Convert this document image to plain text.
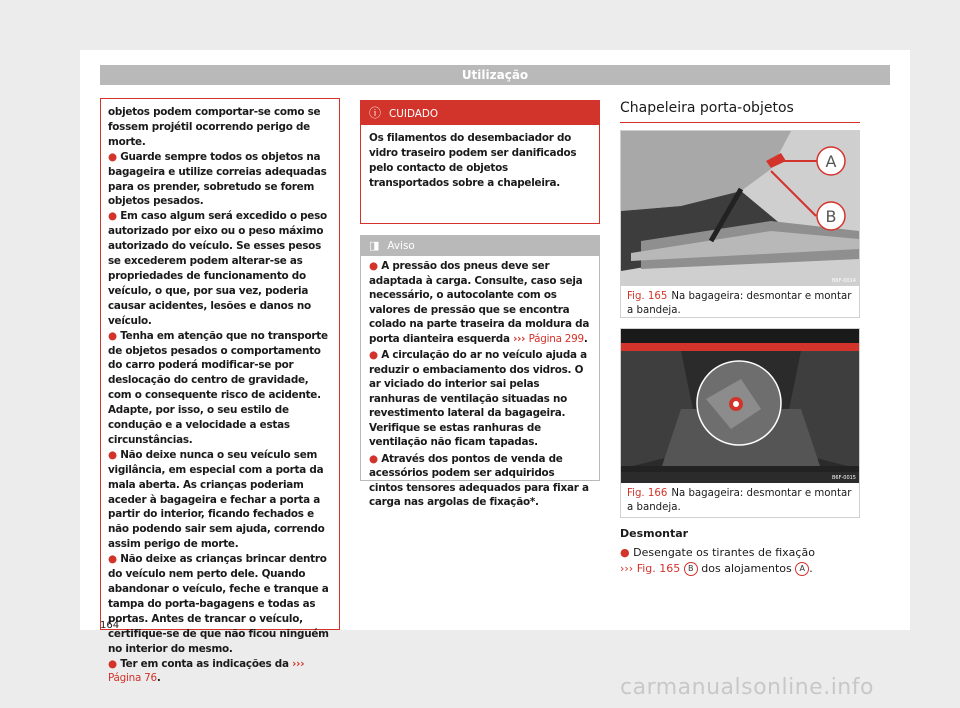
Utilização

objetos podem comportar-se como se fossem projétil ocorrendo perigo de morte.

● Guarde sempre todos os objetos na bagageira e utilize correias adequadas para os prender, sobretudo se forem objetos pesados.

● Em caso algum será excedido o peso autorizado por eixo ou o peso máximo autorizado do veículo. Se esses pesos se excederem podem alterar-se as propriedades de funcionamento do veículo, o que, por sua vez, poderia causar acidentes, lesões e danos no veículo.

● Tenha em atenção que no transporte de objetos pesados o comportamento do carro poderá modificar-se por deslocação do centro de gravidade, com o consequente risco de acidente. Adapte, por isso, o seu estilo de condução e a velocidade a estas circunstâncias.

● Não deixe nunca o seu veículo sem vigilância, em especial com a porta da mala aberta. As crianças poderiam aceder à bagageira e fechar a porta a partir do interior, ficando fechados e não podendo sair sem ajuda, correndo assim perigo de morte.

● Não deixe as crianças brincar dentro do veículo nem perto dele. Quando abandonar o veículo, feche e tranque a tampa do porta-bagagens e todas as portas. Antes de trancar o veículo, certifique-se de que não ficou ninguém no interior do mesmo.

● Ter em conta as indicações da ››› Página 76.

ⓘ CUIDADO
Os filamentos do desembaciador do vidro traseiro podem ser danificados pelo contacto de objetos transportados sobre a chapeleira.
◨ Aviso

● A pressão dos pneus deve ser adaptada à carga. Consulte, caso seja necessário, o autocolante com os valores de pressão que se encontra colado na parte traseira da moldura da porta dianteira esquerda ››› Página 299.

● A circulação do ar no veículo ajuda a reduzir o embaciamento dos vidros. O ar viciado do interior sai pelas ranhuras de ventilação situadas no revestimento lateral da bagageira. Verifique se estas ranhuras de ventilação não ficam tapadas.

● Através dos pontos de venda de acessórios podem ser adquiridos cintos tensores adequados para fixar a carga nas argolas de fixação*.

Chapeleira porta-objetos
A
B
B6F-0014
Fig. 165 Na bagageira: desmontar e montar a bandeja.
B6F-0015
Fig. 166 Na bagageira: desmontar e montar a bandeja.
Desmontar
● Desengate os tirantes de fixação
››› Fig. 165 B dos alojamentos A .
164
carmanualsonline.info
